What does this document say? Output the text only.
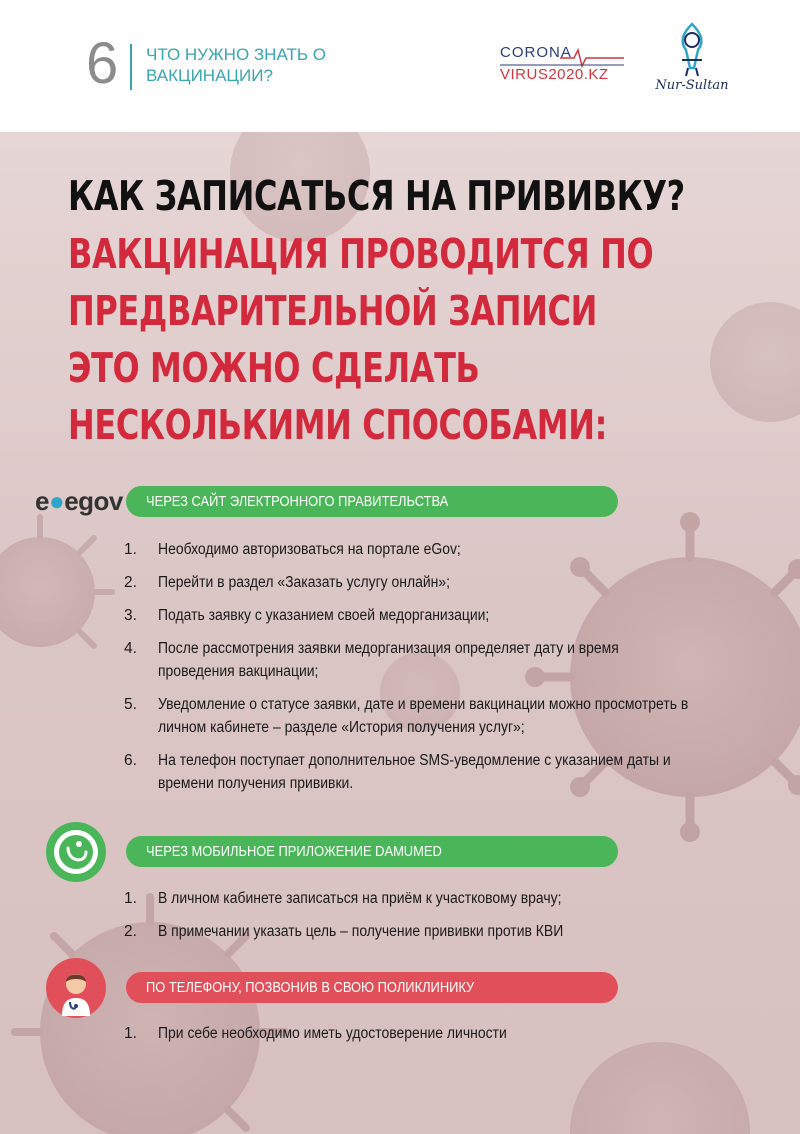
6 ЧТО НУЖНО ЗНАТЬ О ВАКЦИНАЦИИ?
CORONA
VIRUS2020.KZ
Nur-Sultan
КАК ЗАПИСАТЬСЯ НА ПРИВИВКУ?
ВАКЦИНАЦИЯ ПРОВОДИТСЯ ПО
ПРЕДВАРИТЕЛЬНОЙ ЗАПИСИ
ЭТО МОЖНО СДЕЛАТЬ
НЕСКОЛЬКИМИ СПОСОБАМИ:
e●egov	ЧЕРЕЗ САЙТ ЭЛЕКТРОННОГО ПРАВИТЕЛЬСТВА
1. Необходимо авторизоваться на портале eGov;
2. Перейти в раздел «Заказать услугу онлайн»;
3. Подать заявку с указанием своей медорганизации;
4. После рассмотрения заявки медорганизация определяет дату и время проведения вакцинации;
5. Уведомление о статусе заявки, дате и времени вакцинации можно просмотреть в личном кабинете – разделе «История получения услуг»;
6. На телефон поступает дополнительное SMS-уведомление с указанием даты и времени получения прививки.
ЧЕРЕЗ МОБИЛЬНОЕ ПРИЛОЖЕНИЕ DAMUMED
1. В личном кабинете записаться на приём к участковому врачу;
2. В примечании указать цель – получение прививки против КВИ
ПО ТЕЛЕФОНУ, ПОЗВОНИВ В СВОЮ ПОЛИКЛИНИКУ
1. При себе необходимо иметь удостоверение личности
